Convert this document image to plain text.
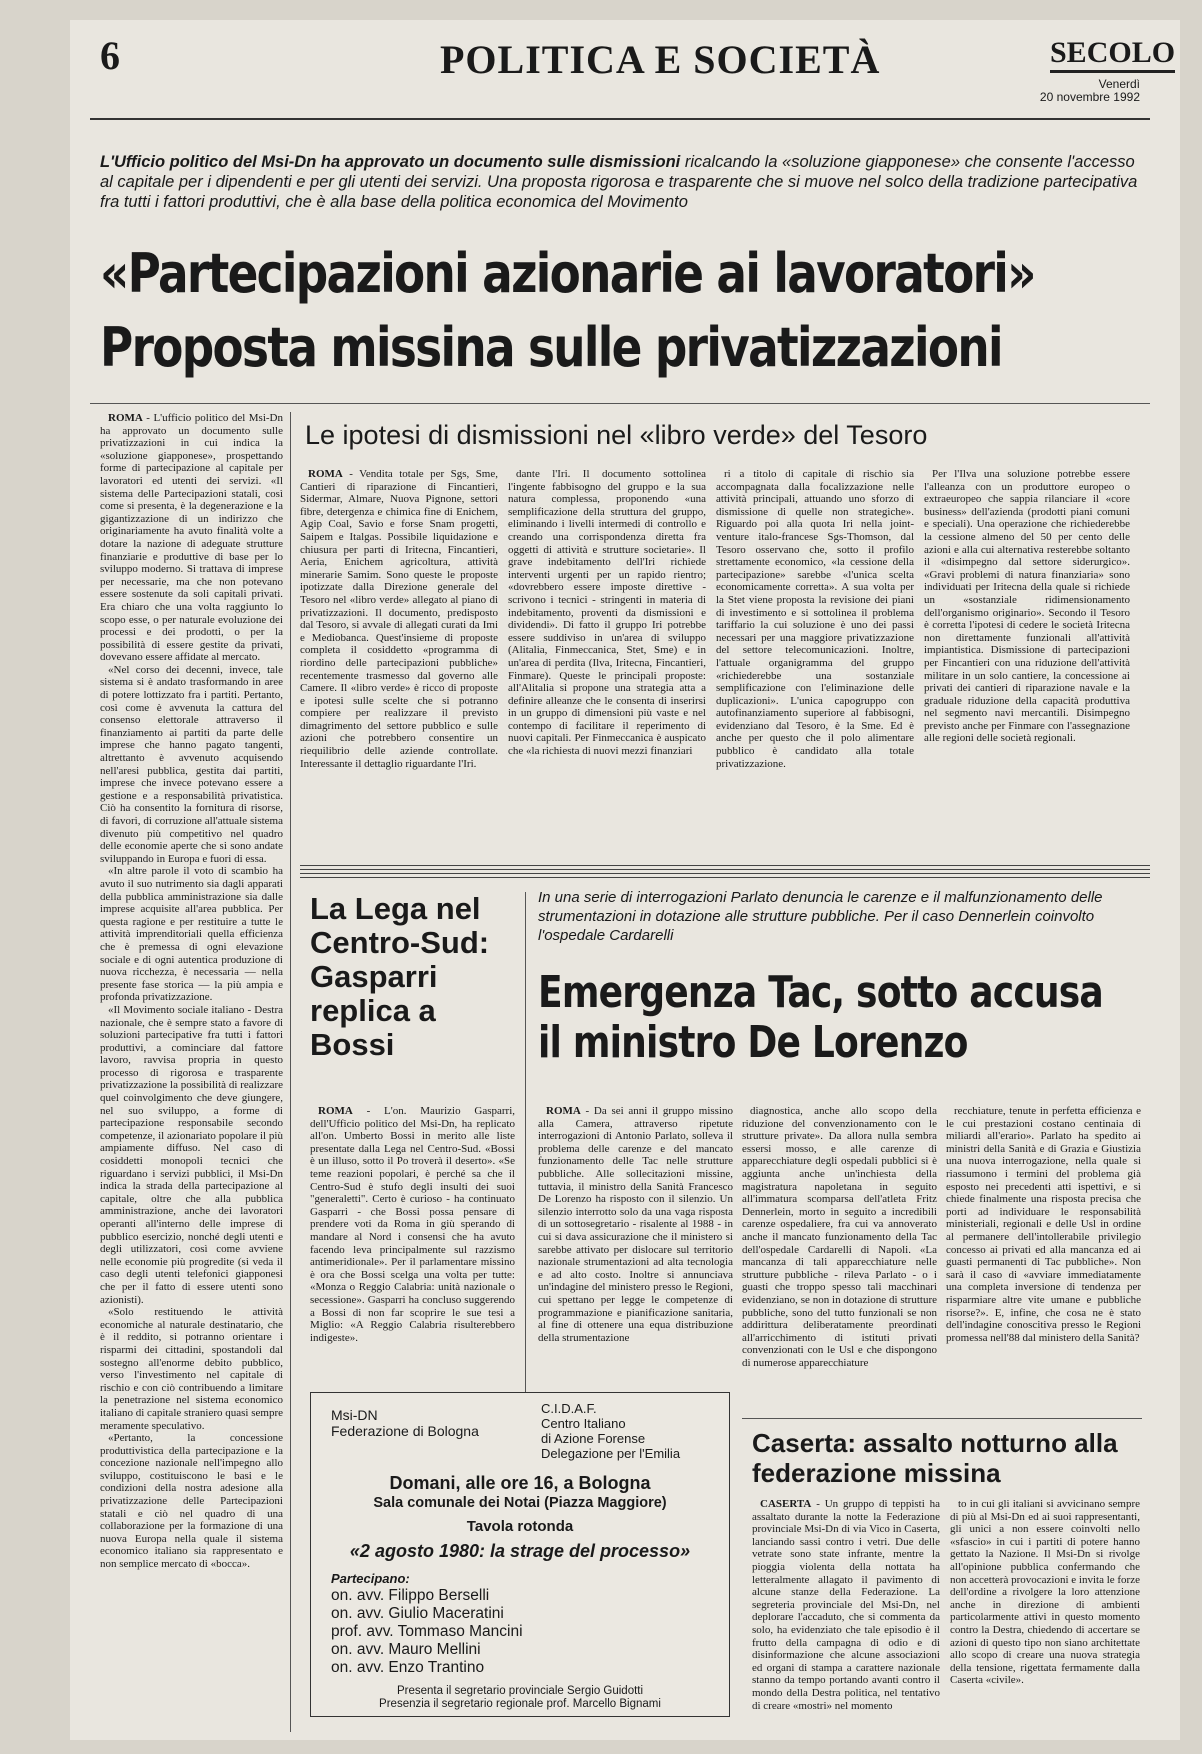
6	POLITICA E SOCIETÀ	SECOLO
Venerdì
20 novembre 1992
L'Ufficio politico del Msi-Dn ha approvato un documento sulle dismissioni ricalcando la «soluzione giapponese» che consente l'accesso al capitale per i dipendenti e per gli utenti dei servizi. Una proposta rigorosa e trasparente che si muove nel solco della tradizione partecipativa fra tutti i fattori produttivi, che è alla base della politica economica del Movimento
«Partecipazioni azionarie ai lavoratori»
Proposta missina sulle privatizzazioni

ROMA - L'ufficio politico del Msi-Dn ha approvato un documento sulle privatizzazioni in cui indica la «soluzione giapponese», prospettando forme di partecipazione al capitale per lavoratori ed utenti dei servizi. «Il sistema delle Partecipazioni statali, così come si presenta, è la degenerazione e la gigantizzazione di un indirizzo che originariamente ha avuto finalità volte a dotare la nazione di adeguate strutture finanziarie e produttive di base per lo sviluppo moderno. Si trattava di imprese per necessarie, ma che non potevano essere sostenute da soli capitali privati. Era chiaro che una volta raggiunto lo scopo esse, o per naturale evoluzione dei processi e dei prodotti, o per la possibilità di essere gestite da privati, dovevano essere affidate al mercato.

«Nel corso dei decenni, invece, tale sistema si è andato trasformando in aree di potere lottizzato fra i partiti. Pertanto, così come è avvenuta la cattura del consenso elettorale attraverso il finanziamento ai partiti da parte delle imprese che hanno pagato tangenti, altrettanto è avvenuto acquisendo nell'aresi pubblica, gestita dai partiti, imprese che invece potevano essere a gestione e a responsabilità privatistica. Ciò ha consentito la fornitura di risorse, di favori, di corruzione all'attuale sistema divenuto più competitivo nel quadro delle economie aperte che si sono andate sviluppando in Europa e fuori di essa.

«In altre parole il voto di scambio ha avuto il suo nutrimento sia dagli apparati della pubblica amministrazione sia dalle imprese acquisite all'area pubblica. Per questa ragione e per restituire a tutte le attività imprenditoriali quella efficienza che è premessa di ogni elevazione sociale e di ogni autentica produzione di nuova ricchezza, è necessaria — nella presente fase storica — la più ampia e profonda privatizzazione.

«Il Movimento sociale italiano - Destra nazionale, che è sempre stato a favore di soluzioni partecipative fra tutti i fattori produttivi, a cominciare dal fattore lavoro, ravvisa propria in questo processo di rigorosa e trasparente privatizzazione la possibilità di realizzare quel coinvolgimento che deve giungere, nel suo sviluppo, a forme di partecipazione responsabile secondo competenze, il azionariato popolare il più ampiamente diffuso. Nel caso di cosiddetti monopoli tecnici che riguardano i servizi pubblici, il Msi-Dn indica la strada della partecipazione al capitale, oltre che alla pubblica amministrazione, anche dei lavoratori operanti all'interno delle imprese di pubblico esercizio, nonché degli utenti e degli utilizzatori, così come avviene nelle economie più progredite (si veda il caso degli utenti telefonici giapponesi che per il fatto di essere utenti sono azionisti).

«Solo restituendo le attività economiche al naturale destinatario, che è il reddito, si potranno orientare i risparmi dei cittadini, spostandoli dal sostegno all'enorme debito pubblico, verso l'investimento nel capitale di rischio e con ciò contribuendo a limitare la penetrazione nel sistema economico italiano di capitale straniero quasi sempre meramente speculativo.

«Pertanto, la concessione produttivistica della partecipazione e la concezione nazionale nell'impegno allo sviluppo, costituiscono le basi e le condizioni della nostra adesione alla privatizzazione delle Partecipazioni statali e ciò nel quadro di una collaborazione per la formazione di una nuova Europa nella quale il sistema economico italiano sia rappresentato e non semplice mercato di «bocca».

Le ipotesi di dismissioni nel «libro verde» del Tesoro

ROMA - Vendita totale per Sgs, Sme, Cantieri di riparazione di Fincantieri, Sidermar, Almare, Nuova Pignone, settori fibre, detergenza e chimica fine di Enichem, Agip Coal, Savio e forse Snam progetti, Saipem e Italgas. Possibile liquidazione e chiusura per parti di Iritecna, Fincantieri, Aeria, Enichem agricoltura, attività minerarie Samim. Sono queste le proposte ipotizzate dalla Direzione generale del Tesoro nel «libro verde» allegato al piano di privatizzazioni. Il documento, predisposto dal Tesoro, si avvale di allegati curati da Imi e Mediobanca. Quest'insieme di proposte completa il cosiddetto «programma di riordino delle partecipazioni pubbliche» recentemente trasmesso dal governo alle Camere. Il «libro verde» è ricco di proposte e ipotesi sulle scelte che si potranno compiere per realizzare il previsto dimagrimento del settore pubblico e sulle azioni che potrebbero consentire un riequilibrio delle aziende controllate. Interessante il dettaglio riguardante l'Iri.

dante l'Iri. Il documento sottolinea l'ingente fabbisogno del gruppo e la sua natura complessa, proponendo «una semplificazione della struttura del gruppo, eliminando i livelli intermedi di controllo e creando una corrispondenza diretta fra oggetti di attività e strutture societarie». Il grave indebitamento dell'Iri richiede interventi urgenti per un rapido rientro; «dovrebbero essere imposte direttive - scrivono i tecnici - stringenti in materia di indebitamento, proventi da dismissioni e dividendi». Di fatto il gruppo Iri potrebbe essere suddiviso in un'area di sviluppo (Alitalia, Finmeccanica, Stet, Sme) e in un'area di perdita (Ilva, Iritecna, Fincantieri, Finmare). Queste le principali proposte: all'Alitalia si propone una strategia atta a definire alleanze che le consenta di inserirsi in un gruppo di dimensioni più vaste e nel contempo di facilitare il reperimento di nuovi capitali. Per Finmeccanica è auspicato che «la richiesta di nuovi mezzi finanziari

ri a titolo di capitale di rischio sia accompagnata dalla focalizzazione nelle attività principali, attuando uno sforzo di dismissione di quelle non strategiche». Riguardo poi alla quota Iri nella joint-venture italo-francese Sgs-Thomson, dal Tesoro osservano che, sotto il profilo strettamente economico, «la cessione della partecipazione» sarebbe «l'unica scelta economicamente corretta». A sua volta per la Stet viene proposta la revisione dei piani di investimento e si sottolinea il problema tariffario la cui soluzione è uno dei passi necessari per una maggiore privatizzazione del settore telecomunicazioni. Inoltre, l'attuale organigramma del gruppo «richiederebbe una sostanziale semplificazione con l'eliminazione delle duplicazioni». L'unica capogruppo con autofinanziamento superiore al fabbisogni, evidenziano dal Tesoro, è la Sme. Ed è anche per questo che il polo alimentare pubblico è candidato alla totale privatizzazione.

Per l'Ilva una soluzione potrebbe essere l'alleanza con un produttore europeo o extraeuropeo che sappia rilanciare il «core business» dell'azienda (prodotti piani comuni e speciali). Una operazione che richiederebbe la cessione almeno del 50 per cento delle azioni e alla cui alternativa resterebbe soltanto il «disimpegno dal settore siderurgico». «Gravi problemi di natura finanziaria» sono individuati per Iritecna della quale si richiede un «sostanziale ridimensionamento dell'organismo originario». Secondo il Tesoro è corretta l'ipotesi di cedere le società Iritecna non direttamente funzionali all'attività impiantistica. Dismissione di partecipazioni per Fincantieri con una riduzione dell'attività militare in un solo cantiere, la concessione ai privati dei cantieri di riparazione navale e la graduale riduzione della capacità produttiva nel segmento navi mercantili. Disimpegno previsto anche per Finmare con l'assegnazione alle regioni delle società regionali.

La Lega nel Centro-Sud: Gasparri replica a Bossi

ROMA - L'on. Maurizio Gasparri, dell'Ufficio politico del Msi-Dn, ha replicato all'on. Umberto Bossi in merito alle liste presentate dalla Lega nel Centro-Sud. «Bossi è un illuso, sotto il Po troverà il deserto». «Se teme reazioni popolari, è perché sa che il Centro-Sud è stufo degli insulti dei suoi "generaletti". Certo è curioso - ha continuato Gasparri - che Bossi possa pensare di prendere voti da Roma in giù sperando di mandare al Nord i consensi che ha avuto facendo leva principalmente sul razzismo antimeridionale». Per il parlamentare missino è ora che Bossi scelga una volta per tutte: «Monza o Reggio Calabria: unità nazionale o secessione». Gasparri ha concluso suggerendo a Bossi di non far scoprire le sue tesi a Miglio: «A Reggio Calabria risulterebbero indigeste».

In una serie di interrogazioni Parlato denuncia le carenze e il malfunzionamento delle strumentazioni in dotazione alle strutture pubbliche. Per il caso Dennerlein coinvolto l'ospedale Cardarelli
Emergenza Tac, sotto accusa
il ministro De Lorenzo

ROMA - Da sei anni il gruppo missino alla Camera, attraverso ripetute interrogazioni di Antonio Parlato, solleva il problema delle carenze e del mancato funzionamento delle Tac nelle strutture pubbliche. Alle sollecitazioni missine, tuttavia, il ministro della Sanità Francesco De Lorenzo ha risposto con il silenzio. Un silenzio interrotto solo da una vaga risposta di un sottosegretario - risalente al 1988 - in cui si dava assicurazione che il ministero si sarebbe attivato per dislocare sul territorio nazionale strumentazioni ad alta tecnologia e ad alto costo. Inoltre si annunciava un'indagine del ministero presso le Regioni, cui spettano per legge le competenze di programmazione e pianificazione sanitaria, al fine di ottenere una equa distribuzione della strumentazione

diagnostica, anche allo scopo della riduzione del convenzionamento con le strutture private». Da allora nulla sembra essersi mosso, e alle carenze di apparecchiature degli ospedali pubblici si è aggiunta anche un'inchiesta della magistratura napoletana in seguito all'immatura scomparsa dell'atleta Fritz Dennerlein, morto in seguito a incredibili carenze ospedaliere, fra cui va annoverato anche il mancato funzionamento della Tac dell'ospedale Cardarelli di Napoli. «La mancanza di tali apparecchiature nelle strutture pubbliche - rileva Parlato - o i guasti che troppo spesso tali macchinari evidenziano, se non in dotazione di strutture pubbliche, sono del tutto funzionali se non addirittura deliberatamente preordinati all'arricchimento di istituti privati convenzionati con le Usl e che dispongono di numerose apparecchiature

recchiature, tenute in perfetta efficienza e le cui prestazioni costano centinaia di miliardi all'erario». Parlato ha spedito ai ministri della Sanità e di Grazia e Giustizia una nuova interrogazione, nella quale si riassumono i termini del problema già esposto nei precedenti atti ispettivi, e si chiede finalmente una risposta precisa che porti ad individuare le responsabilità ministeriali, regionali e delle Usl in ordine al permanere dell'intollerabile privilegio concesso ai privati ed alla mancanza ed ai guasti permanenti di Tac pubbliche». Non sarà il caso di «avviare immediatamente una completa inversione di tendenza per risparmiare altre vite umane e pubbliche risorse?». E, infine, che cosa ne è stato dell'indagine conoscitiva presso le Regioni promessa nell'88 dal ministero della Sanità?

Msi-DN
Federazione di Bologna
C.I.D.A.F.
Centro Italiano
di Azione Forense
Delegazione per l'Emilia
Domani, alle ore 16, a Bologna
Sala comunale dei Notai (Piazza Maggiore)
Tavola rotonda
«2 agosto 1980: la strage del processo»
Partecipano:
on. avv. Filippo Berselli
on. avv. Giulio Maceratini
prof. avv. Tommaso Mancini
on. avv. Mauro Mellini
on. avv. Enzo Trantino
Presenta il segretario provinciale Sergio Guidotti
Presenzia il segretario regionale prof. Marcello Bignami
Caserta: assalto notturno alla federazione missina

CASERTA - Un gruppo di teppisti ha assaltato durante la notte la Federazione provinciale Msi-Dn di via Vico in Caserta, lanciando sassi contro i vetri. Due delle vetrate sono state infrante, mentre la pioggia violenta della nottata ha letteralmente allagato il pavimento di alcune stanze della Federazione. La segreteria provinciale del Msi-Dn, nel deplorare l'accaduto, che si commenta da solo, ha evidenziato che tale episodio è il frutto della campagna di odio e di disinformazione che alcune associazioni ed organi di stampa a carattere nazionale stanno da tempo portando avanti contro il mondo della Destra politica, nel tentativo di creare «mostri» nel momento

to in cui gli italiani si avvicinano sempre di più al Msi-Dn ed ai suoi rappresentanti, gli unici a non essere coinvolti nello «sfascio» in cui i partiti di potere hanno gettato la Nazione. Il Msi-Dn si rivolge all'opinione pubblica confermando che non accetterà provocazioni e invita le forze dell'ordine a rivolgere la loro attenzione anche in direzione di ambienti particolarmente attivi in questo momento contro la Destra, chiedendo di accertare se azioni di questo tipo non siano architettate allo scopo di creare una nuova strategia della tensione, rigettata fermamente dalla Caserta «civile».
